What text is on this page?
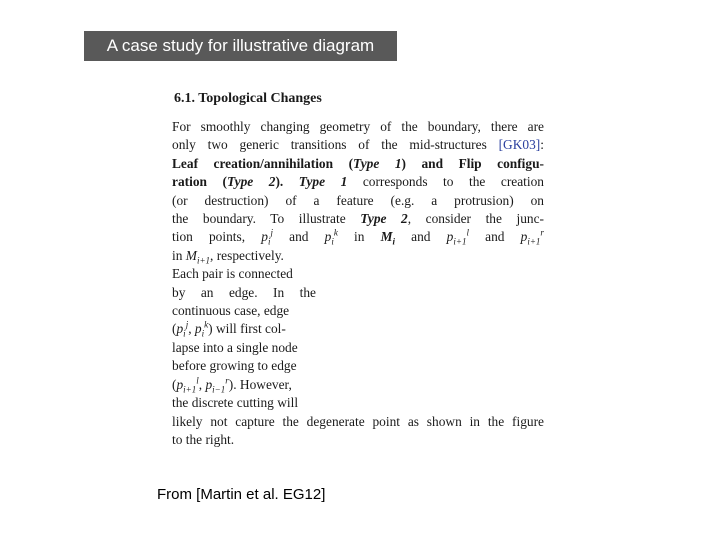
A case study for illustrative diagram
6.1. Topological Changes
For smoothly changing geometry of the boundary, there are
only two generic transitions of the mid-structures [GK03]:
Leaf creation/annihilation (Type 1) and Flip configu-
ration (Type 2). Type 1 corresponds to the creation
(or destruction) of a feature (e.g. a protrusion) on
the boundary. To illustrate Type 2, consider the junc-
tion points, $p_i^j$ and $p_i^k$ in $M_i$ and $p_{i+1}^l$ and $p_{i+1}^r$
in $M_{i+1}$, respectively.
Each pair is connected
by an edge. In the
continuous case, edge
($p_i^j$, $p_i^k$) will first col-
lapse into a single node
before growing to edge
($p_{i+1}^l$, $p_{i-1}^r$). However,
the discrete cutting will
likely not capture the degenerate point as shown in the figure
to the right.
From [Martin et al. EG12]
